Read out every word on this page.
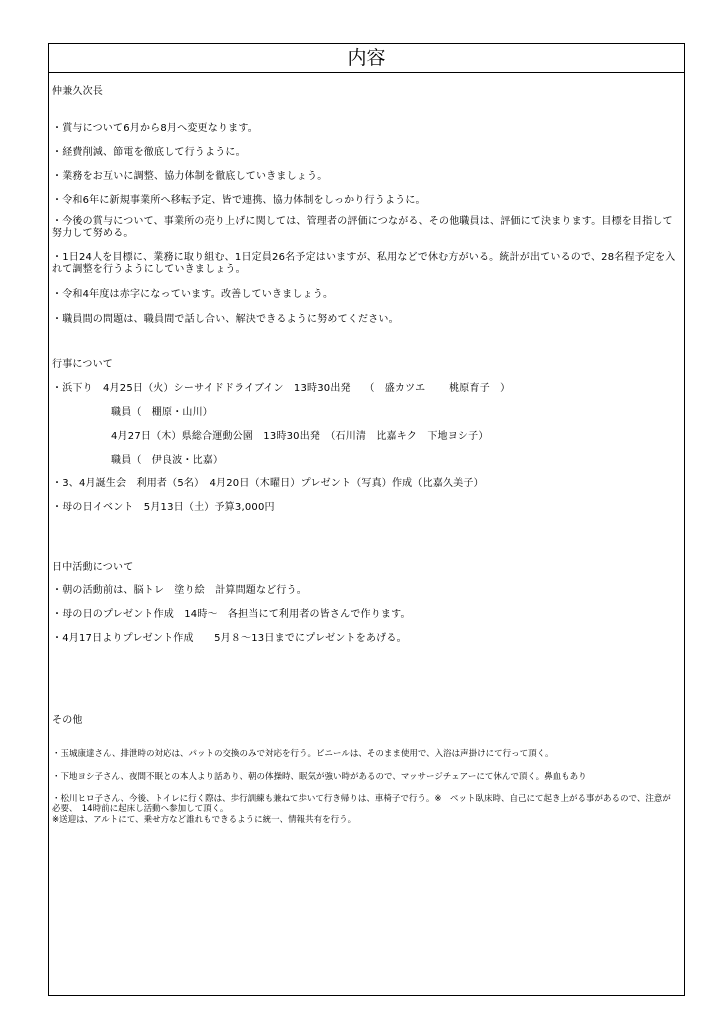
内容
仲兼久次長
・賞与について6月から8月へ変更なります。
・経費削減、節電を徹底して行うように。
・業務をお互いに調整、協力体制を徹底していきましょう。
・令和6年に新規事業所へ移転予定、皆で連携、協力体制をしっかり行うように。
・今後の賞与について、事業所の売り上げに関しては、管理者の評価につながる、その他職員は、評価にて決まります。目標を目指して努力して努める。
・1日24人を目標に、業務に取り組む、1日定員26名予定はいますが、私用などで休む方がいる。統計が出ているので、28名程予定を入れて調整を行うようにしていきましょう。
・令和4年度は赤字になっています。改善していきましょう。
・職員間の問題は、職員間で話し合い、解決できるように努めてください。
行事について
・浜下り　4月25日（火）シーサイドドライブイン　13時30出発　 （　盛カツエ　　 桃原育子　）
職員（　棚原・山川）
4月27日（木）県総合運動公園　13時30出発　（石川清　比嘉キク　下地ヨシ子）
職員（　伊良波・比嘉）
・3、4月誕生会　利用者（5名）　4月20日（木曜日）プレゼント（写真）作成（比嘉久美子）
・母の日イベント　5月13日（土）予算3,000円
日中活動について
・朝の活動前は、脳トレ　塗り絵　計算問題など行う。
・母の日のプレゼント作成　14時～　各担当にて利用者の皆さんで作ります。
・4月17日よりプレゼント作成　　5月８～13日までにプレゼントをあげる。
その他
・玉城康達さん、排泄時の対応は、パットの交換のみで対応を行う。ビニールは、そのまま使用で、入浴は声掛けにて行って頂く。
・下地ヨシ子さん、夜間不眠との本人より話あり、朝の体操時、眠気が強い時があるので、マッサージチェアーにて休んで頂く。鼻血もあり
・松川ヒロ子さん、今後、トイレに行く際は、歩行訓練も兼ねて歩いて行き帰りは、車椅子で行う。※　ベット臥床時、自己にて起き上がる事があるので、注意が必要、　14時前に起床し活動へ参加して頂く。
※送迎は、アルトにて、乗せ方など誰れもできるように統一、情報共有を行う。
